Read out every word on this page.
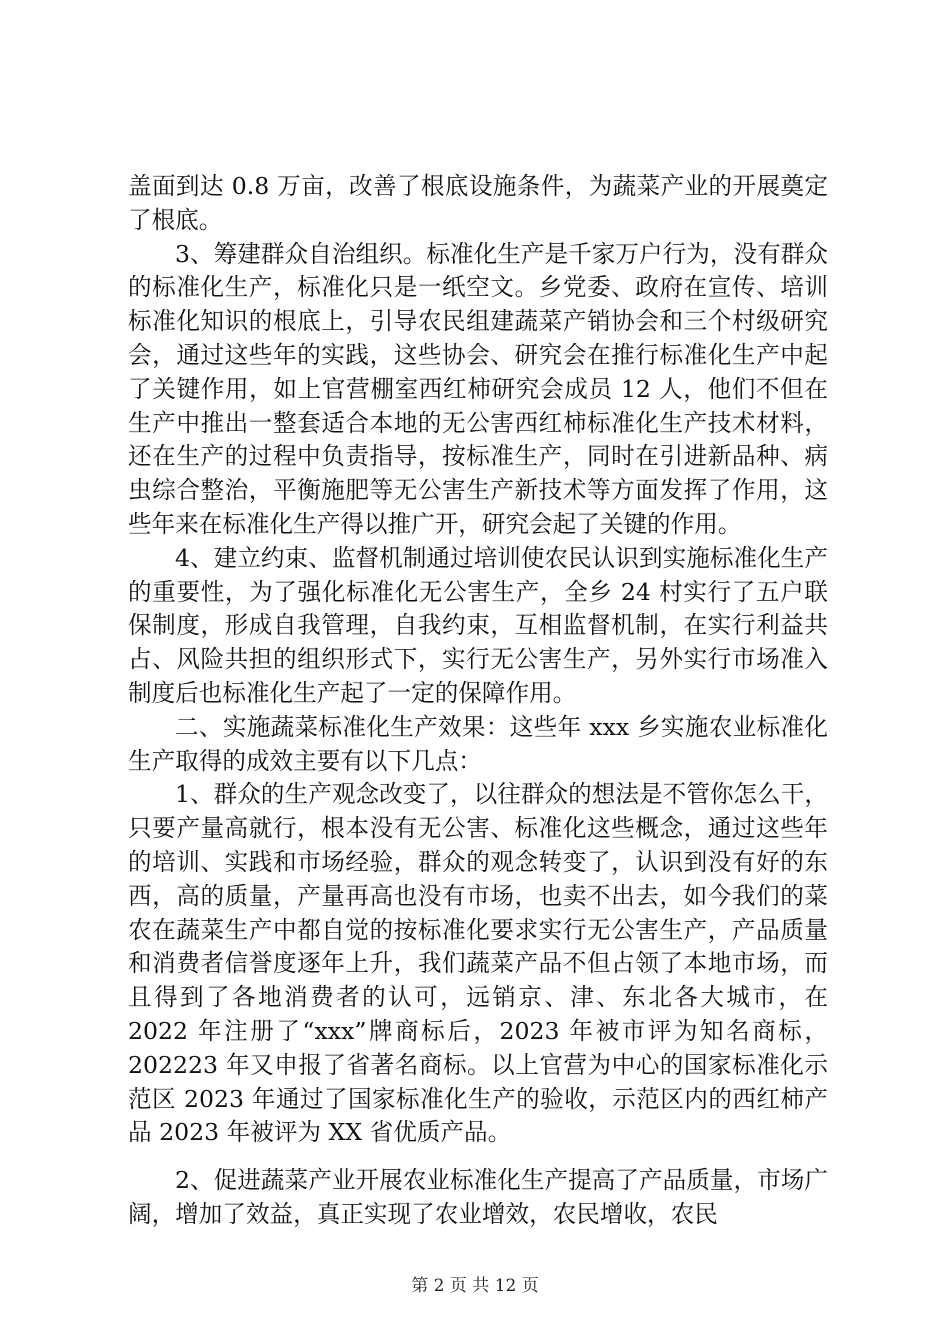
盖面到达 0.8 万亩，改善了根底设施条件，为蔬菜产业的开展奠定了根底。

3、筹建群众自治组织。标准化生产是千家万户行为，没有群众的标准化生产，标准化只是一纸空文。乡党委、政府在宣传、培训标准化知识的根底上，引导农民组建蔬菜产销协会和三个村级研究会，通过这些年的实践，这些协会、研究会在推行标准化生产中起了关键作用，如上官营棚室西红柿研究会成员 12 人，他们不但在生产中推出一整套适合本地的无公害西红柿标准化生产技术材料，还在生产的过程中负责指导，按标准生产，同时在引进新品种、病虫综合整治，平衡施肥等无公害生产新技术等方面发挥了作用，这些年来在标准化生产得以推广开，研究会起了关键的作用。

4、建立约束、监督机制通过培训使农民认识到实施标准化生产的重要性，为了强化标准化无公害生产，全乡 24 村实行了五户联保制度，形成自我管理，自我约束，互相监督机制，在实行利益共占、风险共担的组织形式下，实行无公害生产，另外实行市场准入制度后也标准化生产起了一定的保障作用。

二、实施蔬菜标准化生产效果：这些年 xxx 乡实施农业标准化生产取得的成效主要有以下几点：

1、群众的生产观念改变了，以往群众的想法是不管你怎么干，只要产量高就行，根本没有无公害、标准化这些概念，通过这些年的培训、实践和市场经验，群众的观念转变了，认识到没有好的东西，高的质量，产量再高也没有市场，也卖不出去，如今我们的菜农在蔬菜生产中都自觉的按标准化要求实行无公害生产，产品质量和消费者信誉度逐年上升，我们蔬菜产品不但占领了本地市场，而且得到了各地消费者的认可，远销京、津、东北各大城市，在 2022 年注册了“xxx”牌商标后，2023 年被市评为知名商标，202223 年又申报了省著名商标。以上官营为中心的国家标准化示范区 2023 年通过了国家标准化生产的验收，示范区内的西红柿产品 2023 年被评为 XX 省优质产品。

2、促进蔬菜产业开展农业标准化生产提高了产品质量，市场广阔，增加了效益，真正实现了农业增效，农民增收，农民

第 2 页 共 12 页
